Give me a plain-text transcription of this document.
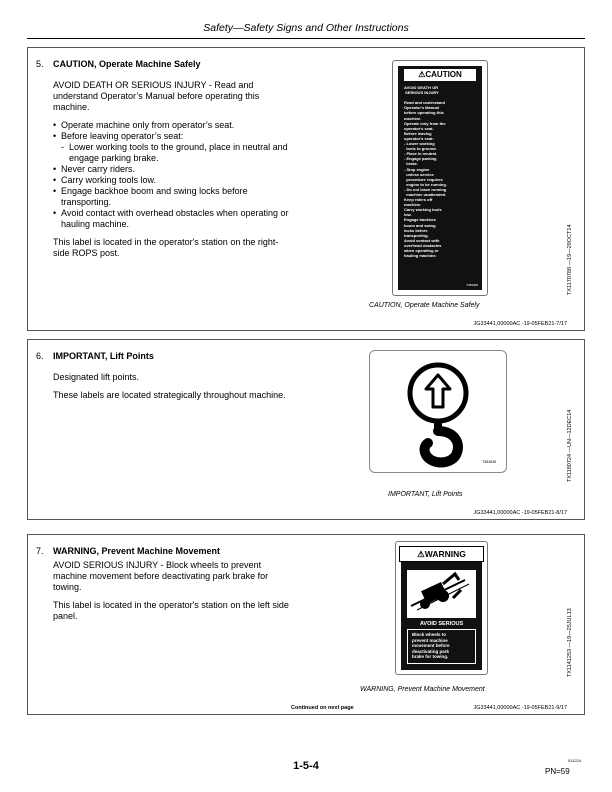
Safety—Safety Signs and Other Instructions
5. CAUTION, Operate Machine Safely

AVOID DEATH OR SERIOUS INJURY - Read and understand Operator’s Manual before operating this machine.

• Operate machine only from operator’s seat.
• Before leaving operator’s seat:
- Lower working tools to the ground, place in neutral and engage parking brake.
• Never carry riders.
• Carry working tools low.
• Engage backhoe boom and swing locks before transporting.
• Avoid contact with overhead obstacles when operating or hauling machine.

This label is located in the operator's station on the right-side ROPS post.

⚠CAUTION
AVOID DEATH OR
SERIOUS INJURY

Read and understand
Operator's Manual
before operating this
machine.
Operate only from the
operator's seat.
Before leaving
operator's seat:
- Lower working
tools to ground.
- Place in neutral.
- Engage parking
brake.
- Stop engine
unless service
procedure requires
engine to be running.
- Do not leave running
machine unattended.
Keep riders off
machine.
Carry working tools
low.
Engage backhoe
boom and swing
locks before
transporting.
Avoid contact with
overhead obstacles
when operating or
hauling machine.
T386908	TX1170788 —19—29OCT14
CAUTION, Operate Machine Safely
JG33441,00000AC -19-05FEB21-7/17
6. IMPORTANT, Lift Points

Designated lift points.

These labels are located strategically throughout machine.

T384838	TX1180724 —UN—12DEC14
IMPORTANT, Lift Points
JG33441,00000AC -19-05FEB21-8/17
7. WARNING, Prevent Machine Movement

AVOID SERIOUS INJURY - Block wheels to prevent machine movement before deactivating park brake for towing.

This label is located in the operator's station on the left side panel.

⚠WARNING
AVOID SERIOUS
Block wheels to
prevent machine
movement before
deactivating park
brake for towing.	TX1141253 —19—25JUL13
WARNING, Prevent Machine Movement
Continued on next page	JG33441,00000AC -19-05FEB21-9/17
1-5-4	011224
PN=59
